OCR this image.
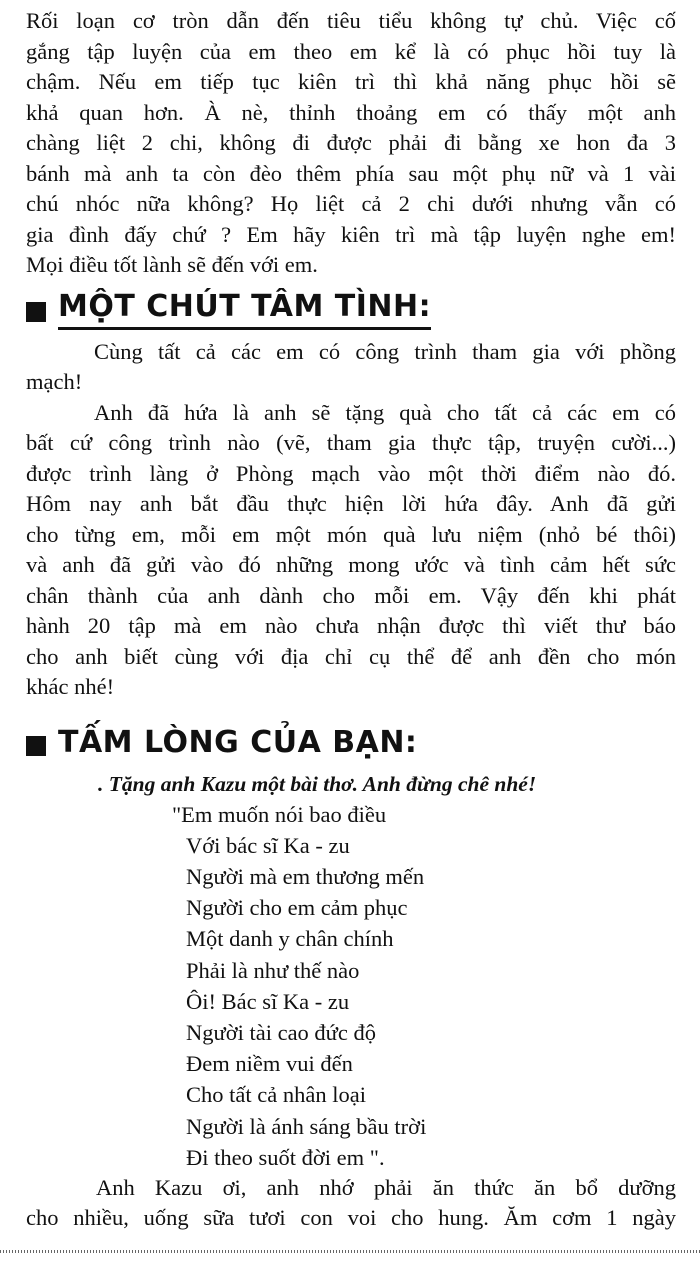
Rối loạn cơ tròn dẫn đến tiêu tiểu không tự chủ. Việc cố
gắng tập luyện của em theo em kể là có phục hồi tuy là
chậm. Nếu em tiếp tục kiên trì thì khả năng phục hồi sẽ
khả quan hơn. À nè, thỉnh thoảng em có thấy một anh
chàng liệt 2 chi, không đi được phải đi bằng xe hon đa 3
bánh mà anh ta còn đèo thêm phía sau một phụ nữ và 1 vài
chú nhóc nữa không? Họ liệt cả 2 chi dưới nhưng vẫn có
gia đình đấy chứ ? Em hãy kiên trì mà tập luyện nghe em!
Mọi điều tốt lành sẽ đến với em.
MỘT CHÚT TÂM TÌNH:
Cùng tất cả các em có công trình tham gia với phồng
mạch!
Anh đã hứa là anh sẽ tặng quà cho tất cả các em có
bất cứ công trình nào (vẽ, tham gia thực tập, truyện cười...)
được trình làng ở Phòng mạch vào một thời điểm nào đó.
Hôm nay anh bắt đầu thực hiện lời hứa đây. Anh đã gửi
cho từng em, mỗi em một món quà lưu niệm (nhỏ bé thôi)
và anh đã gửi vào đó những mong ước và tình cảm hết sức
chân thành của anh dành cho mỗi em. Vậy đến khi phát
hành 20 tập mà em nào chưa nhận được thì viết thư báo
cho anh biết cùng với địa chỉ cụ thể để anh đền cho món
khác nhé!
TẤM LÒNG CỦA BẠN:
. Tặng anh Kazu một bài thơ. Anh đừng chê nhé!
"Em muốn nói bao điều
Với bác sĩ Ka - zu
Người mà em thương mến
Người cho em cảm phục
Một danh y chân chính
Phải là như thế nào
Ôi! Bác sĩ Ka - zu
Người tài cao đức độ
Đem niềm vui đến
Cho tất cả nhân loại
Người là ánh sáng bầu trời
Đi theo suốt đời em ".
Anh Kazu ơi, anh nhớ phải ăn thức ăn bổ dưỡng
cho nhiều, uống sữa tươi con voi cho hung. Ăm cơm 1 ngày
